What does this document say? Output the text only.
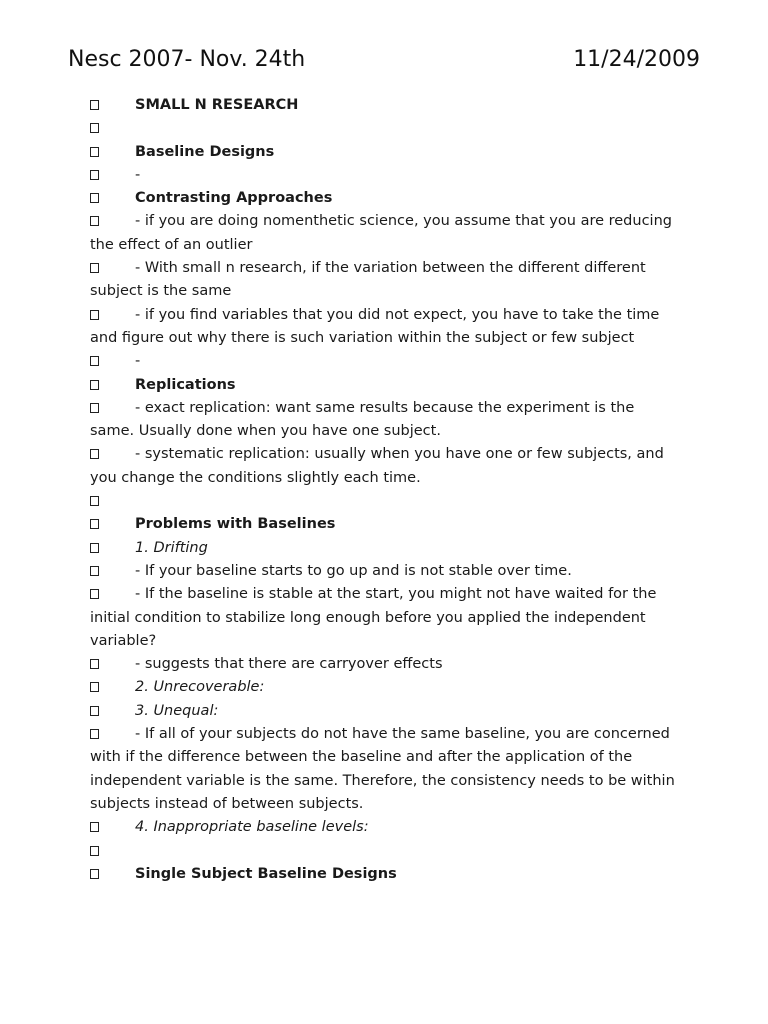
Nesc 2007- Nov. 24th	11/24/2009
SMALL N RESEARCH
Baseline Designs
-
Contrasting Approaches
- if you are doing nomenthetic science, you assume that you are reducing the effect of an outlier
- With small n research, if the variation between the different different subject is the same
- if you find variables that you did not expect, you have to take the time and figure out why there is such variation within the subject or few subject
-
Replications
- exact replication: want same results because the experiment is the same. Usually done when you have one subject.
- systematic replication: usually when you have one or few subjects, and you change the conditions slightly each time.
Problems with Baselines
1. Drifting
- If your baseline starts to go up and is not stable over time.
- If the baseline is stable at the start, you might not have waited for the initial condition to stabilize long enough before you applied the independent variable?
- suggests that there are carryover effects
2. Unrecoverable:
3. Unequal:
- If all of your subjects do not have the same baseline, you are concerned with if the difference between the baseline and after the application of the independent variable is the same. Therefore, the consistency needs to be within subjects instead of between subjects.
4. Inappropriate baseline levels:
Single Subject Baseline Designs
